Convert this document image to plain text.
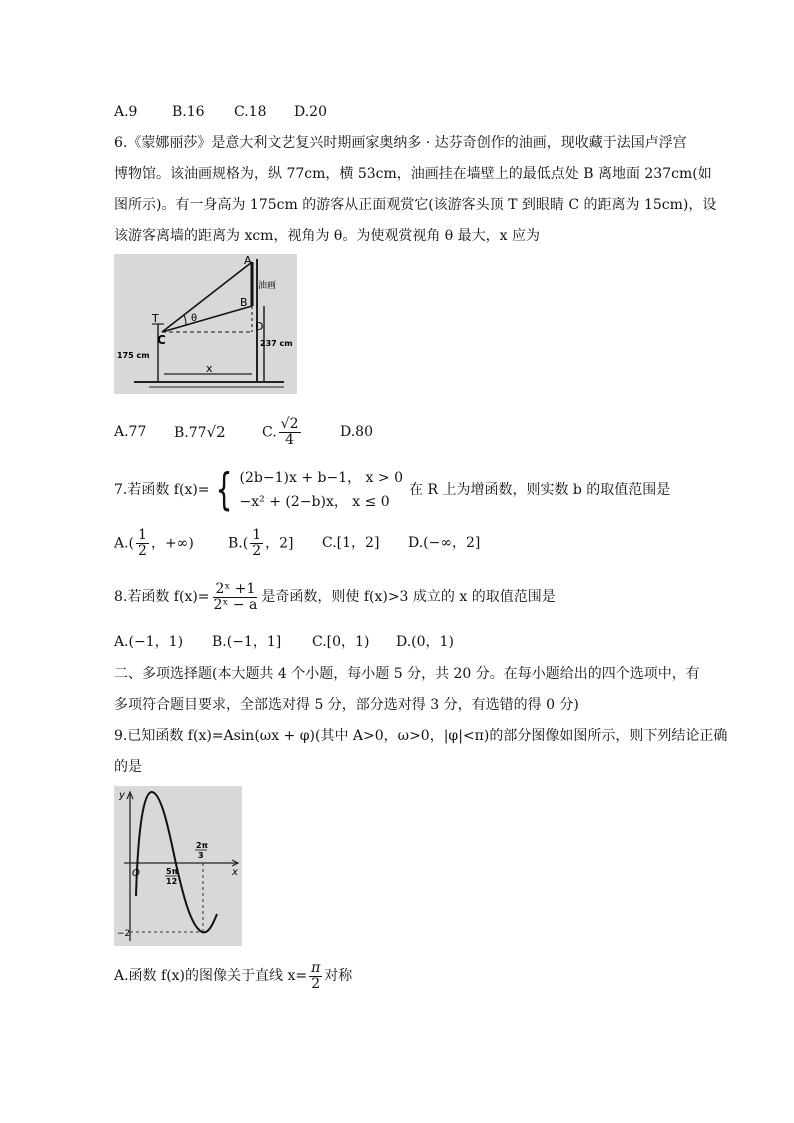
A.9 B.16 C.18 D.20
6.《蒙娜丽莎》是意大利文艺复兴时期画家奥纳多 · 达芬奇创作的油画，现收藏于法国卢浮宫
博物馆。该油画规格为，纵 77cm，横 53cm，油画挂在墙壁上的最低点处 B 离地面 237cm(如
图所示)。有一身高为 175cm 的游客从正面观赏它(该游客头顶 T 到眼睛 C 的距离为 15cm)，设
该游客离墙的距离为 xcm，视角为 θ。为使观赏视角 θ 最大，x 应为
A
B
C
D
T	θ
x
油画
175 cm
237 cm
A.77	B.77√2	C. $\frac{√2}{4}$	D.80
7.若函数 f(x)= { (2b−1)x + b−1， x > 0
−x² + (2−b)x， x ≤ 0
在 R 上为增函数，则实数 b 的取值范围是
$A.( \frac{1}{2}$ ，+∞)	$B.( \frac{1}{2}$ ，2]	C.[1，2]	D.(−∞，2]
8.若函数 $f(x)= \frac{\text{2ˣ +1}}{\text{2ˣ − a}}$ 是奇函数，则使 f(x)>3 成立的 x 的取值范围是
A.(−1，1) B.(−1，1] C.[0，1) D.(0，1)
二、多项选择题(本大题共 4 个小题，每小题 5 分，共 20 分。在每小题给出的四个选项中，有
多项符合题目要求，全部选对得 5 分，部分选对得 3 分，有选错的得 0 分)
9.已知函数 f(x)=Asin(ωx + φ)(其中 A>0，ω>0，|φ|<π)的部分图像如图所示，则下列结论正确
的是
y
x
O
−2
5π
12
2π
3
A.函数 f(x)的图像关于直线 $x= \frac{\pi}{2}$ 对称
